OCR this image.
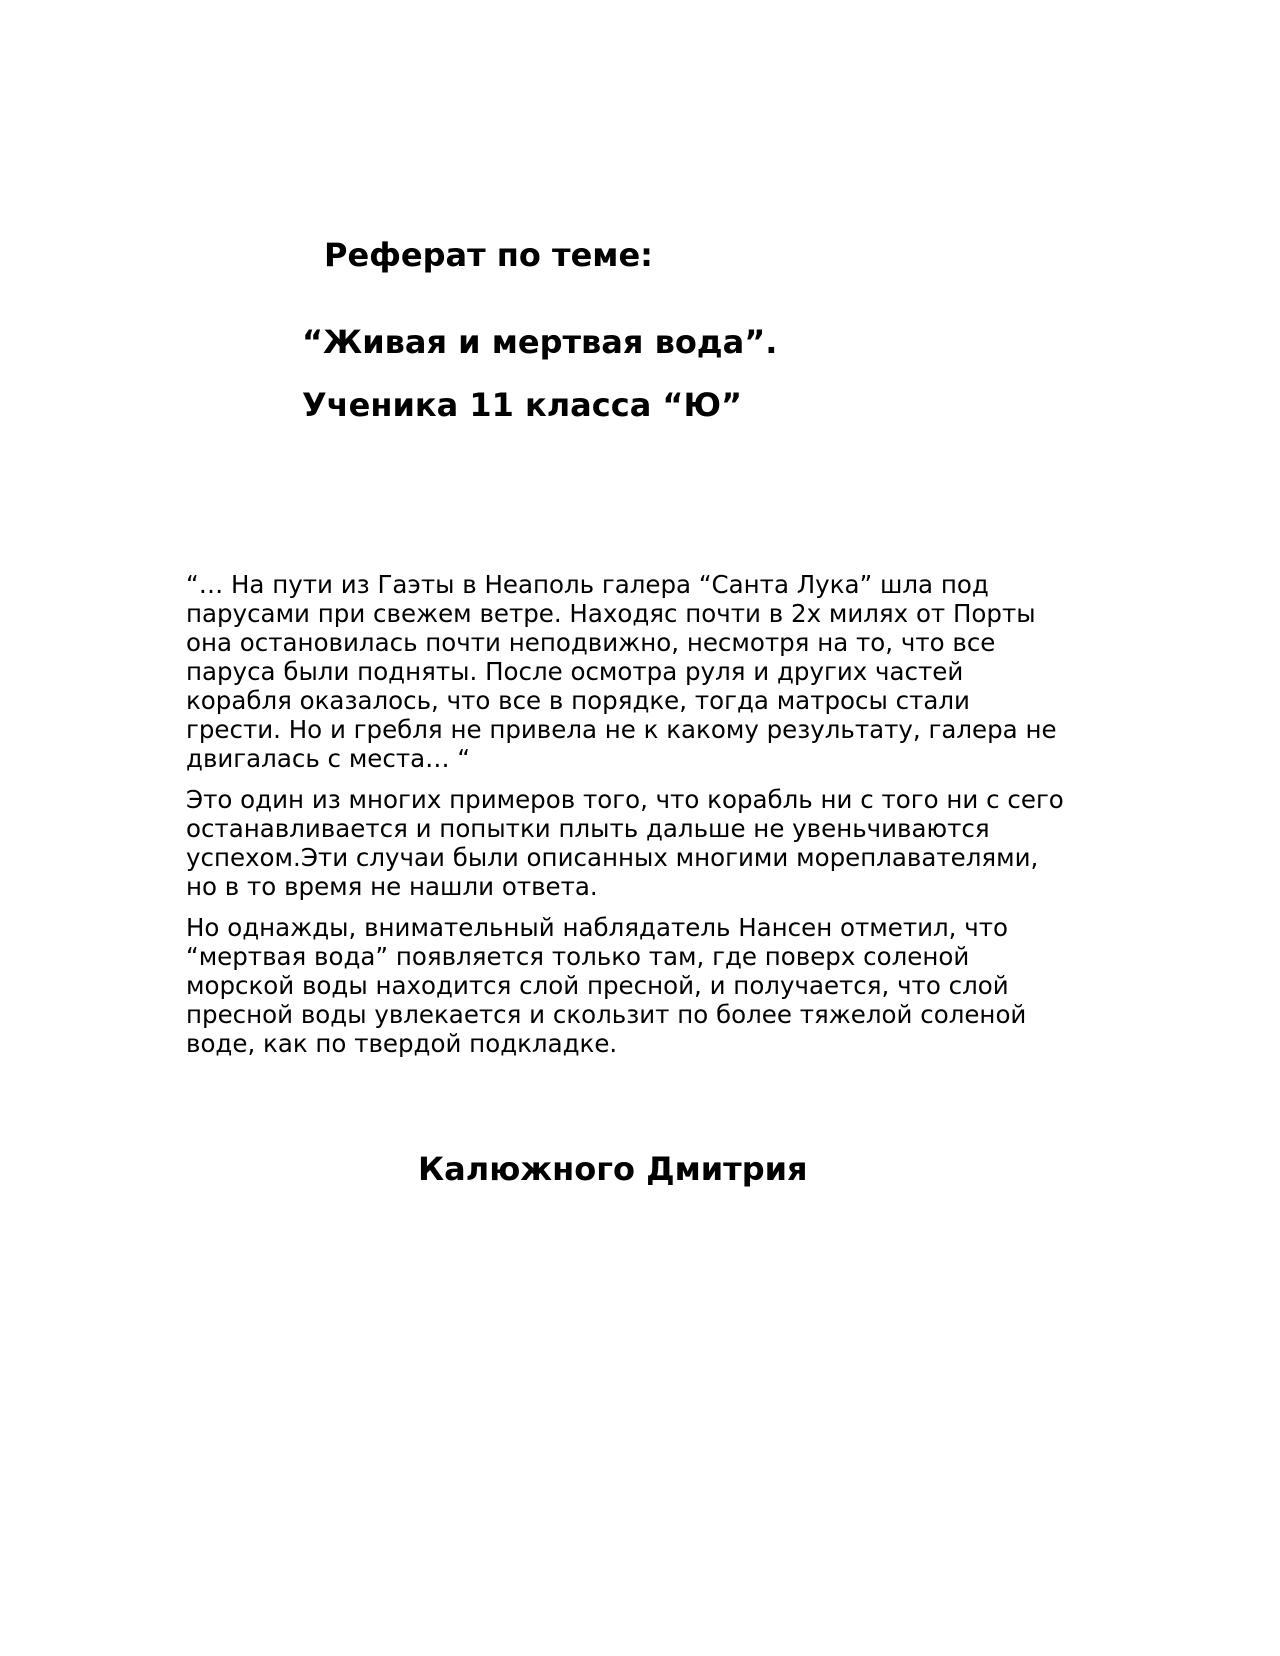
Реферат по теме:
“Живая и мертвая вода”.
Ученика 11 класса “Ю”

“… На пути из Гаэты в Неаполь галера “Санта Лука” шла под
парусами при свежем ветре. Находяс почти в 2х милях от Порты
она остановилась почти неподвижно, несмотря на то, что все
паруса были подняты. После осмотра руля и других частей
корабля оказалось, что все в порядке, тогда матросы стали
грести. Но и гребля не привела не к какому результату, галера не
двигалась с места… “

Это один из многих примеров того, что корабль ни с того ни с сего
останавливается и попытки плыть дальше не увеньчиваются
успехом.Эти случаи были описанных многими мореплавателями,
но в то время не нашли ответа.

Но однажды, внимательный наблядатель Нансен отметил, что
“мертвая вода” появляется только там, где поверх соленой
морской воды находится слой пресной, и получается, что слой
пресной воды увлекается и скользит по более тяжелой соленой
воде, как по твердой подкладке.

Калюжного Дмитрия
